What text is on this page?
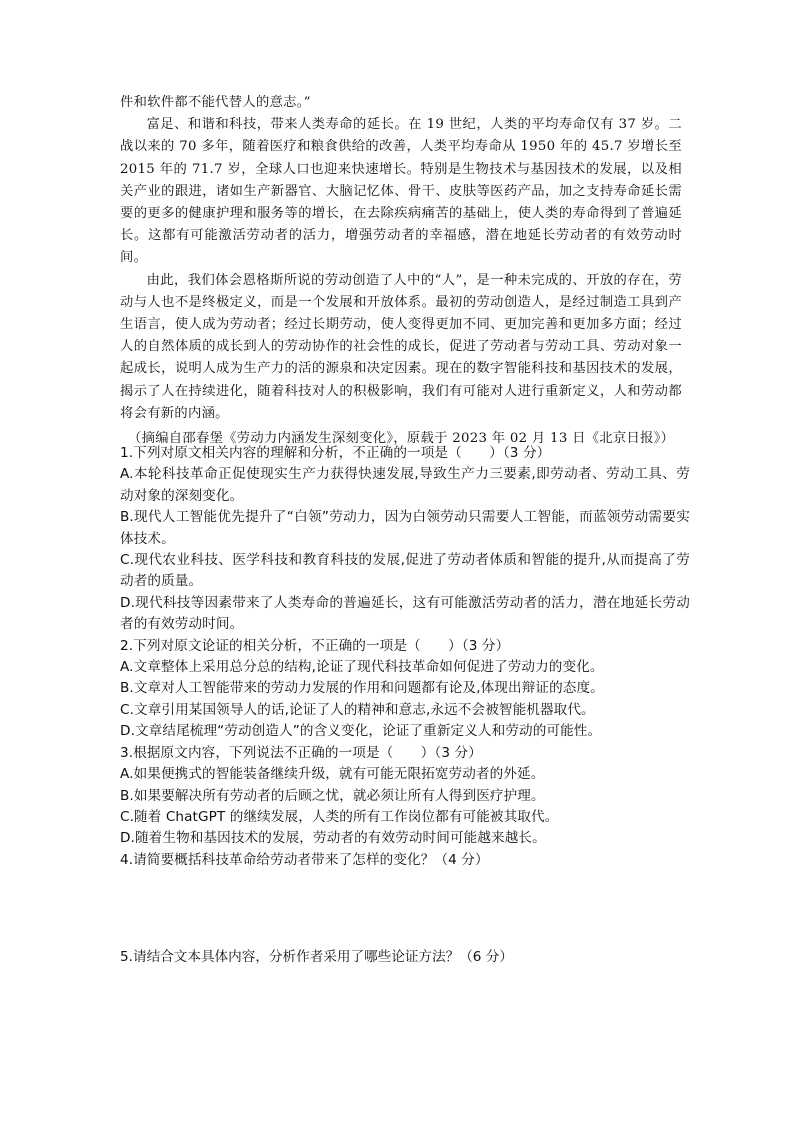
件和软件都不能代替人的意志。”

富足、和谐和科技，带来人类寿命的延长。在 19 世纪，人类的平均寿命仅有 37 岁。二战以来的 70 多年，随着医疗和粮食供给的改善，人类平均寿命从 1950 年的 45.7 岁增长至 2015 年的 71.7 岁，全球人口也迎来快速增长。特别是生物技术与基因技术的发展，以及相关产业的跟进，诸如生产新器官、大脑记忆体、骨干、皮肤等医药产品，加之支持寿命延长需要的更多的健康护理和服务等的增长，在去除疾病痛苦的基础上，使人类的寿命得到了普遍延长。这都有可能激活劳动者的活力，增强劳动者的幸福感，潜在地延长劳动者的有效劳动时间。

由此，我们体会恩格斯所说的劳动创造了人中的“人”，是一种未完成的、开放的存在，劳动与人也不是终极定义，而是一个发展和开放体系。最初的劳动创造人，是经过制造工具到产生语言，使人成为劳动者；经过长期劳动，使人变得更加不同、更加完善和更加多方面；经过人的自然体质的成长到人的劳动协作的社会性的成长，促进了劳动者与劳动工具、劳动对象一起成长，说明人成为生产力的活的源泉和决定因素。现在的数字智能科技和基因技术的发展，揭示了人在持续进化，随着科技对人的积极影响，我们有可能对人进行重新定义，人和劳动都将会有新的内涵。

（摘编自邵春堡《劳动力内涵发生深刻变化》，原载于 2023 年 02 月 13 日《北京日报》）

1.下列对原文相关内容的理解和分析，不正确的一项是（　　）（3 分）

A.本轮科技革命正促使现实生产力获得快速发展,导致生产力三要素,即劳动者、劳动工具、劳动对象的深刻变化。

B.现代人工智能优先提升了“白领”劳动力，因为白领劳动只需要人工智能，而蓝领劳动需要实体技术。

C.现代农业科技、医学科技和教育科技的发展,促进了劳动者体质和智能的提升,从而提高了劳动者的质量。

D.现代科技等因素带来了人类寿命的普遍延长，这有可能激活劳动者的活力，潜在地延长劳动者的有效劳动时间。

2.下列对原文论证的相关分析，不正确的一项是（　　）（3 分）

A.文章整体上采用总分总的结构,论证了现代科技革命如何促进了劳动力的变化。

B.文章对人工智能带来的劳动力发展的作用和问题都有论及,体现出辩证的态度。

C.文章引用某国领导人的话,论证了人的精神和意志,永远不会被智能机器取代。

D.文章结尾梳理“劳动创造人”的含义变化，论证了重新定义人和劳动的可能性。

3.根据原文内容，下列说法不正确的一项是（　　）（3 分）

A.如果便携式的智能装备继续升级，就有可能无限拓宽劳动者的外延。

B.如果要解决所有劳动者的后顾之忧，就必须让所有人得到医疗护理。

C.随着 ChatGPT 的继续发展，人类的所有工作岗位都有可能被其取代。

D.随着生物和基因技术的发展，劳动者的有效劳动时间可能越来越长。

4.请简要概括科技革命给劳动者带来了怎样的变化？（4 分）

5.请结合文本具体内容，分析作者采用了哪些论证方法？（6 分）
